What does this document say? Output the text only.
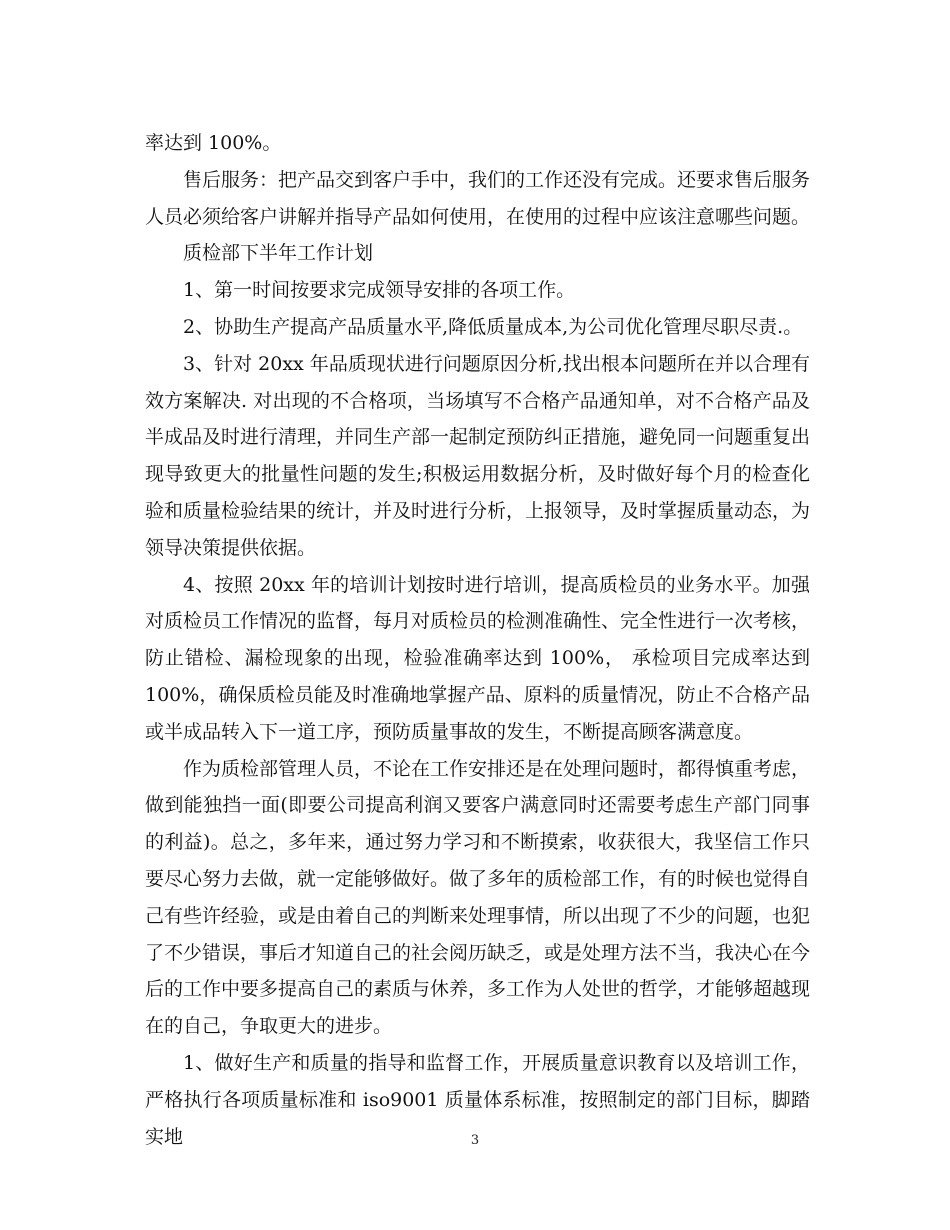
率达到 100%。

售后服务：把产品交到客户手中，我们的工作还没有完成。还要求售后服务人员必须给客户讲解并指导产品如何使用，在使用的过程中应该注意哪些问题。

质检部下半年工作计划

1、第一时间按要求完成领导安排的各项工作。

2、协助生产提高产品质量水平,降低质量成本,为公司优化管理尽职尽责.。

3、针对 20xx 年品质现状进行问题原因分析,找出根本问题所在并以合理有效方案解决. 对出现的不合格项，当场填写不合格产品通知单，对不合格产品及半成品及时进行清理，并同生产部一起制定预防纠正措施，避免同一问题重复出现导致更大的批量性问题的发生;积极运用数据分析，及时做好每个月的检查化验和质量检验结果的统计，并及时进行分析，上报领导，及时掌握质量动态，为领导决策提供依据。

4、按照 20xx 年的培训计划按时进行培训，提高质检员的业务水平。加强对质检员工作情况的监督，每月对质检员的检测准确性、完全性进行一次考核，防止错检、漏检现象的出现，检验准确率达到 100%， 承检项目完成率达到 100%，确保质检员能及时准确地掌握产品、原料的质量情况，防止不合格产品或半成品转入下一道工序，预防质量事故的发生，不断提高顾客满意度。

作为质检部管理人员，不论在工作安排还是在处理问题时，都得慎重考虑，做到能独挡一面(即要公司提高利润又要客户满意同时还需要考虑生产部门同事的利益)。总之，多年来，通过努力学习和不断摸索，收获很大，我坚信工作只要尽心努力去做，就一定能够做好。做了多年的质检部工作，有的时候也觉得自己有些许经验，或是由着自己的判断来处理事情，所以出现了不少的问题，也犯了不少错误，事后才知道自己的社会阅历缺乏，或是处理方法不当，我决心在今后的工作中要多提高自己的素质与休养，多工作为人处世的哲学，才能够超越现在的自己，争取更大的进步。

1、做好生产和质量的指导和监督工作，开展质量意识教育以及培训工作，严格执行各项质量标准和 iso9001 质量体系标准，按照制定的部门目标，脚踏实地	3
